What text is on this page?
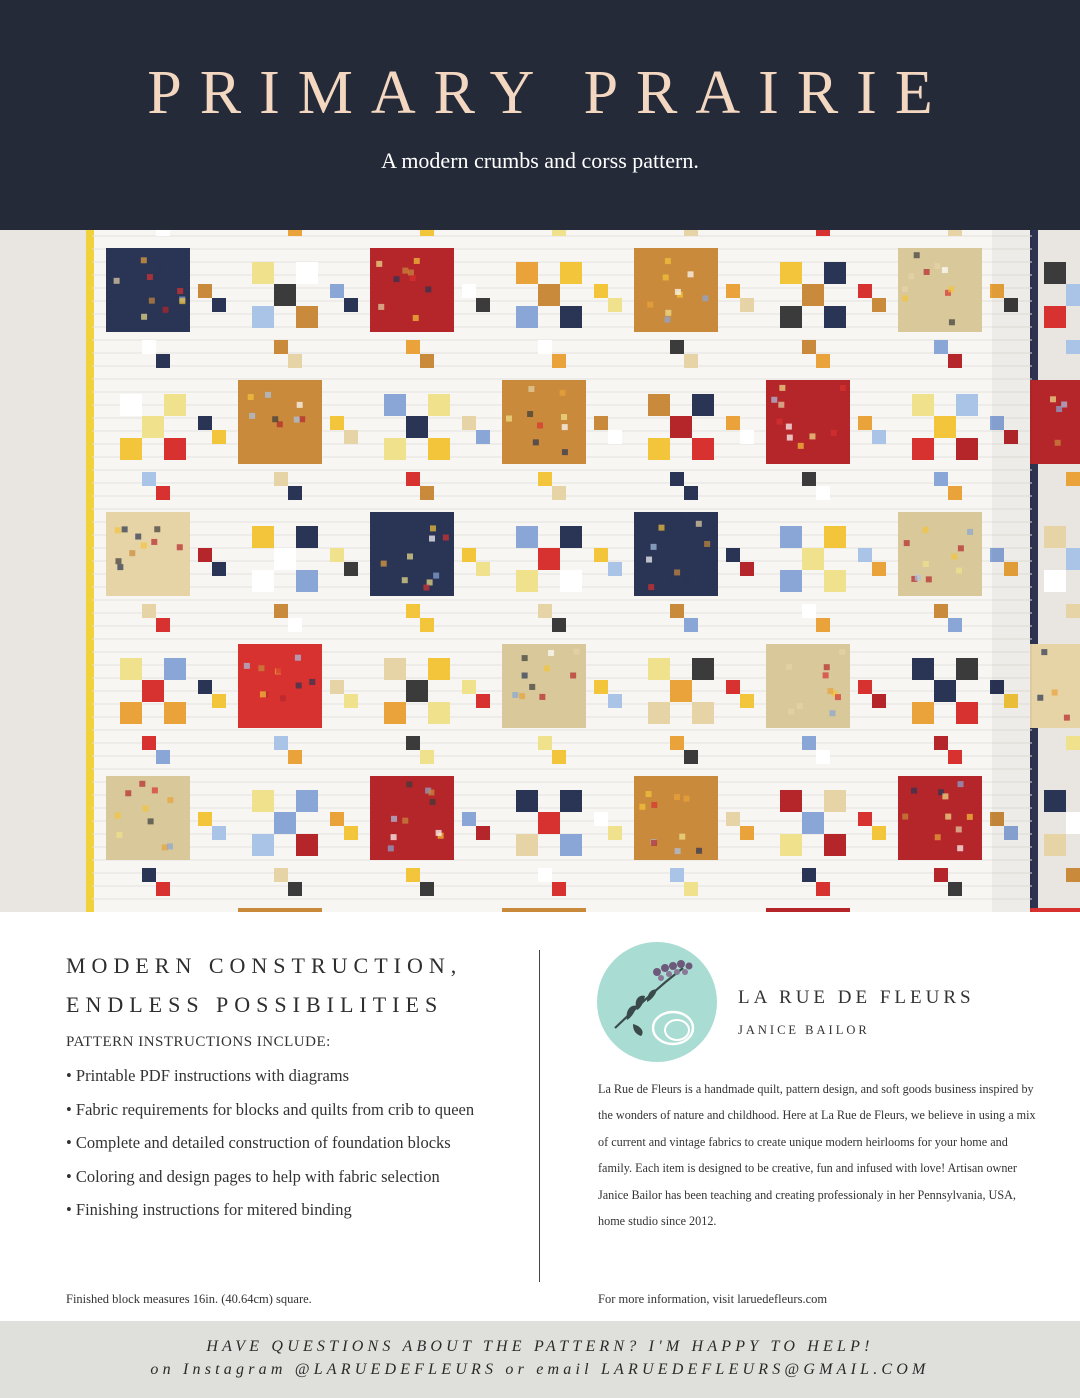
PRIMARY PRAIRIE
A modern crumbs and corss pattern.
MODERN CONSTRUCTION,
ENDLESS POSSIBILITIES
PATTERN INSTRUCTIONS INCLUDE:
• Printable PDF instructions with diagrams
• Fabric requirements for blocks and quilts from crib to queen
• Complete and detailed construction of foundation blocks
• Coloring and design pages to help with fabric selection
• Finishing instructions for mitered binding
Finished block measures 16in. (40.64cm) square.
LA RUE DE FLEURS
JANICE BAILOR

La Rue de Fleurs is a handmade quilt, pattern design, and soft goods business inspired by the wonders of nature and childhood. Here at La Rue de Fleurs, we believe in using a mix of current and vintage fabrics to create unique modern heirlooms for your home and family. Each item is designed to be creative, fun and infused with love! Artisan owner Janice Bailor has been teaching and creating professionaly in her Pennsylvania, USA, home studio since 2012.

For more information, visit laruedefleurs.com
HAVE QUESTIONS ABOUT THE PATTERN? I'M HAPPY TO HELP!
on Instagram @LARUEDEFLEURS or email LARUEDEFLEURS@GMAIL.COM
